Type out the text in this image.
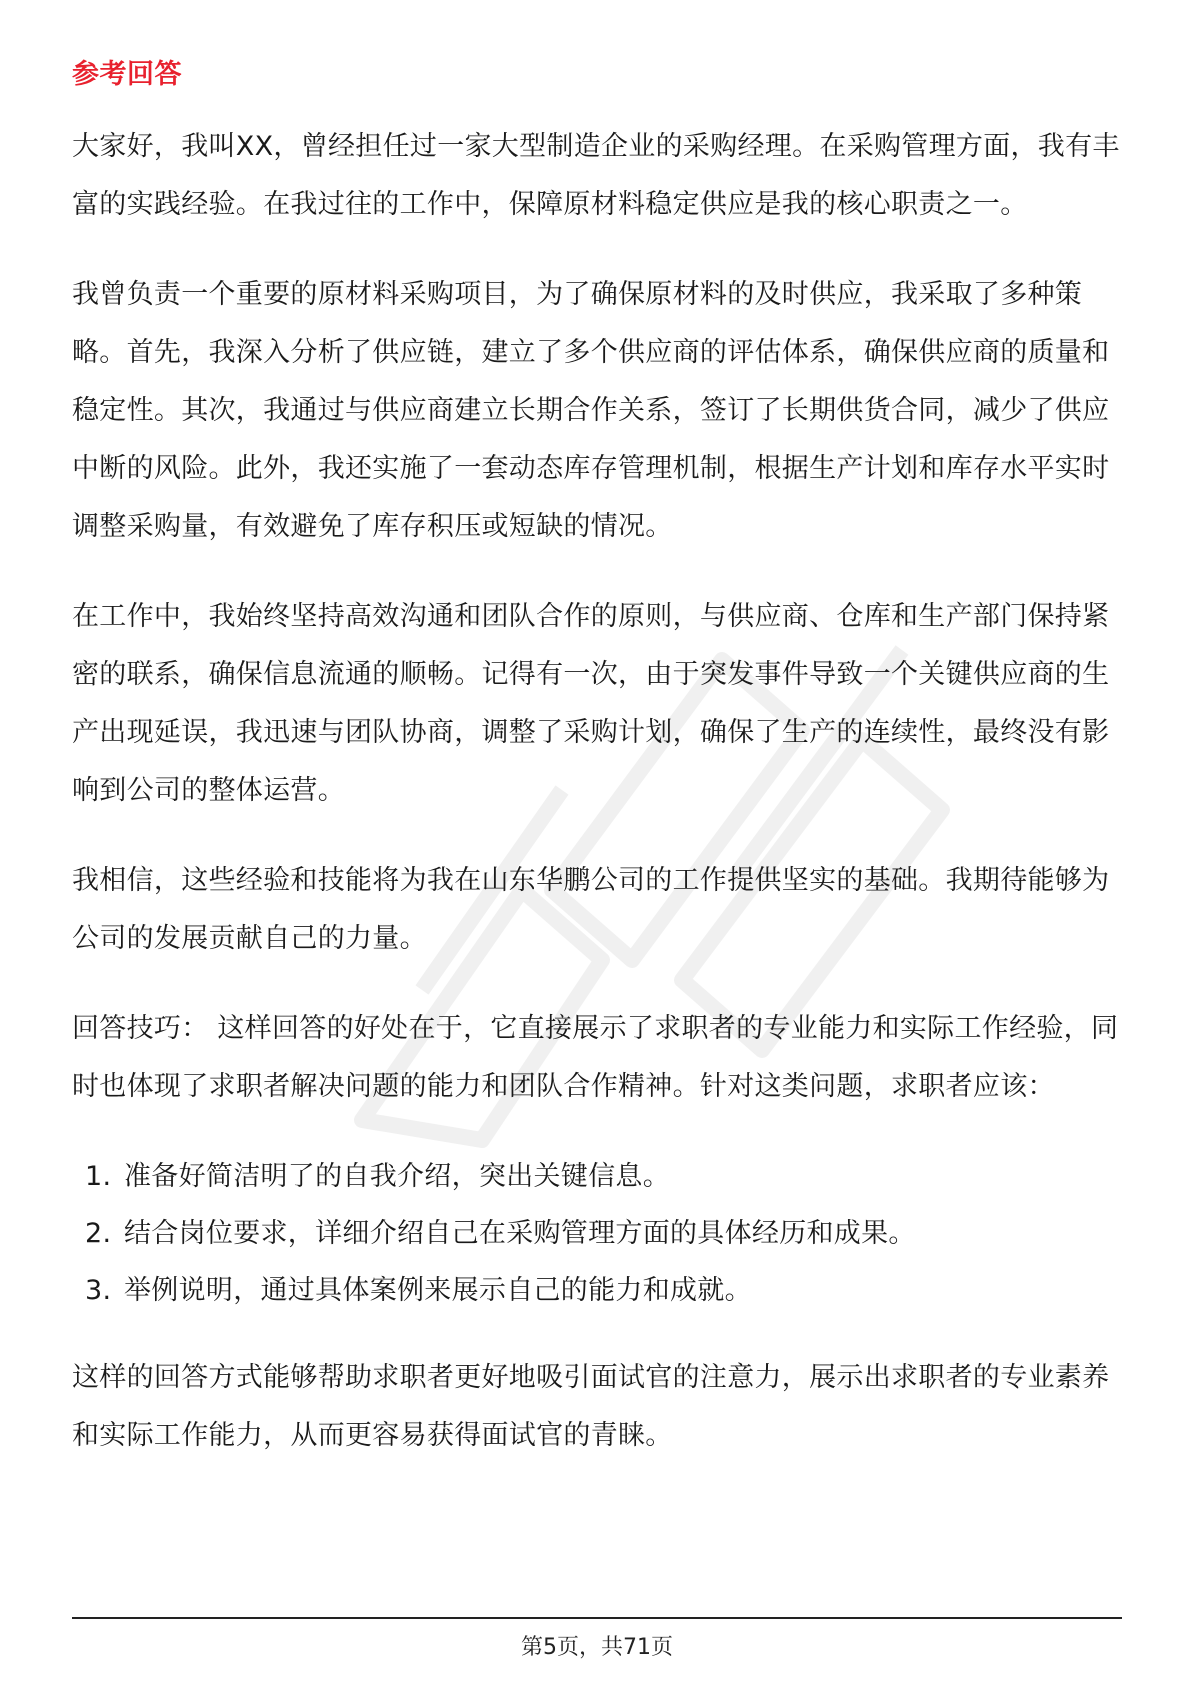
参考回答

大家好，我叫XX，曾经担任过一家大型制造企业的采购经理。在采购管理方面，我有丰富的实践经验。在我过往的工作中，保障原材料稳定供应是我的核心职责之一。

我曾负责一个重要的原材料采购项目，为了确保原材料的及时供应，我采取了多种策略。首先，我深入分析了供应链，建立了多个供应商的评估体系，确保供应商的质量和稳定性。其次，我通过与供应商建立长期合作关系，签订了长期供货合同，减少了供应中断的风险。此外，我还实施了一套动态库存管理机制，根据生产计划和库存水平实时调整采购量，有效避免了库存积压或短缺的情况。

在工作中，我始终坚持高效沟通和团队合作的原则，与供应商、仓库和生产部门保持紧密的联系，确保信息流通的顺畅。记得有一次，由于突发事件导致一个关键供应商的生产出现延误，我迅速与团队协商，调整了采购计划，确保了生产的连续性，最终没有影响到公司的整体运营。

我相信，这些经验和技能将为我在山东华鹏公司的工作提供坚实的基础。我期待能够为公司的发展贡献自己的力量。

回答技巧： 这样回答的好处在于，它直接展示了求职者的专业能力和实际工作经验，同时也体现了求职者解决问题的能力和团队合作精神。针对这类问题，求职者应该：

1. 准备好简洁明了的自我介绍，突出关键信息。
2. 结合岗位要求，详细介绍自己在采购管理方面的具体经历和成果。
3. 举例说明，通过具体案例来展示自己的能力和成就。

这样的回答方式能够帮助求职者更好地吸引面试官的注意力，展示出求职者的专业素养和实际工作能力，从而更容易获得面试官的青睐。

第5页，共71页
